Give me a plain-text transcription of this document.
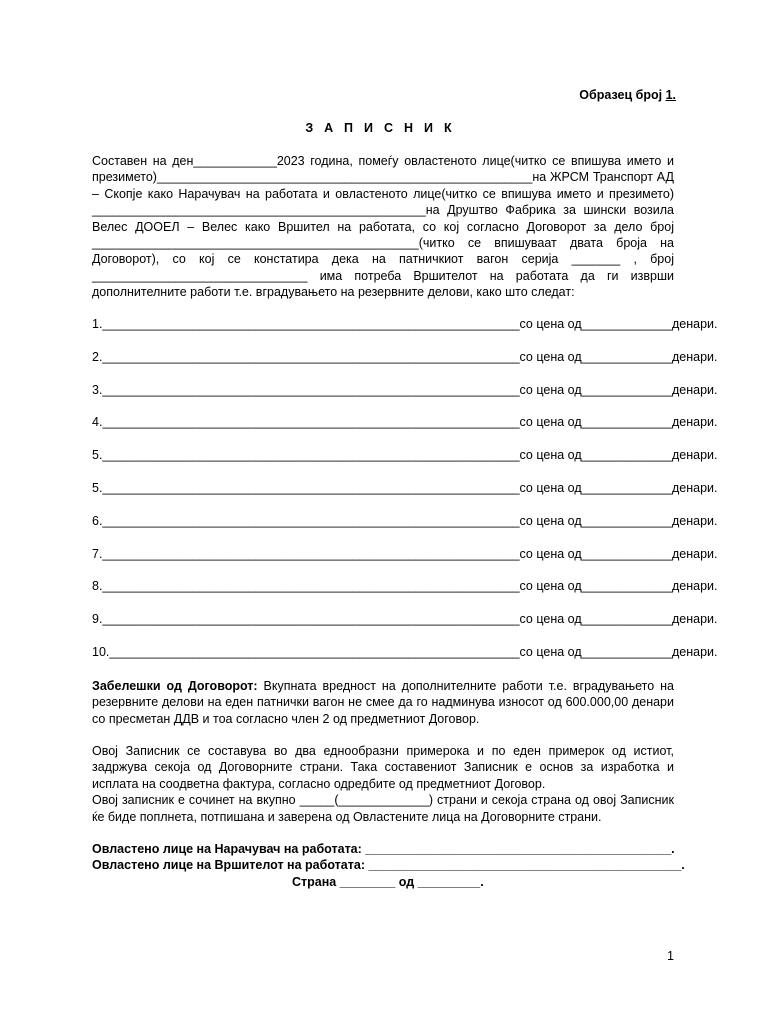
Образец број 1.
ЗАПИСНИК
Составен на ден____________2023 година, помеѓу овластеното лице(читко се впишува името и презимето)______________________________________________________на ЖРСМ Транспорт АД – Скопје како Нарачувач на работата и овластеното лице(читко се впишува името и презимето) ________________________________________________на Друштво Фабрика за шински возила Велес ДООЕЛ – Велес како Вршител на работата, со кој согласно Договорот за дело број _______________________________________________(читко се впишуваат двата броја на Договорот), со кој се констатира дека на патничкиот вагон серија _______ , број _______________________________ има потреба Вршителот на работата да ги изврши дополнителните работи т.е. вградувањето на резервните делови, како што следат:
1.____________________________________________________________со цена од_____________денари.
2.____________________________________________________________со цена од_____________денари.
3.____________________________________________________________со цена од_____________денари.
4.____________________________________________________________со цена од_____________денари.
5.____________________________________________________________со цена од_____________денари.
5.____________________________________________________________со цена од_____________денари.
6.____________________________________________________________со цена од_____________денари.
7.____________________________________________________________со цена од_____________денари.
8.____________________________________________________________со цена од_____________денари.
9.____________________________________________________________со цена од_____________денари.
10.___________________________________________________________со цена од_____________денари.
Забелешки од Договорот: Вкупната вредност на дополнителните работи т.е. вградувањето на резервните делови на еден патнички вагон не смее да го надминува износот од 600.000,00 денари со пресметан ДДВ и тоа согласно член 2 од предметниот Договор.
Овој Записник се составува во два еднообразни примерока и по еден примерок од истиот, задржува секоја од Договорните страни. Така составениот Записник е основ за изработка и исплата на соодветна фактура, согласно одредбите од предметниот Договор.
Овој записник е сочинет на вкупно _____(_____________) страни и секоја страна од овој Записник ќе биде поплнета, потпишана и заверена од Овластените лица на Договорните страни.
Овластено лице на Нарачувач на работата: ____________________________________________.
Овластено лице на Вршителот на работата: _____________________________________________.
Страна ________ од _________.
1
